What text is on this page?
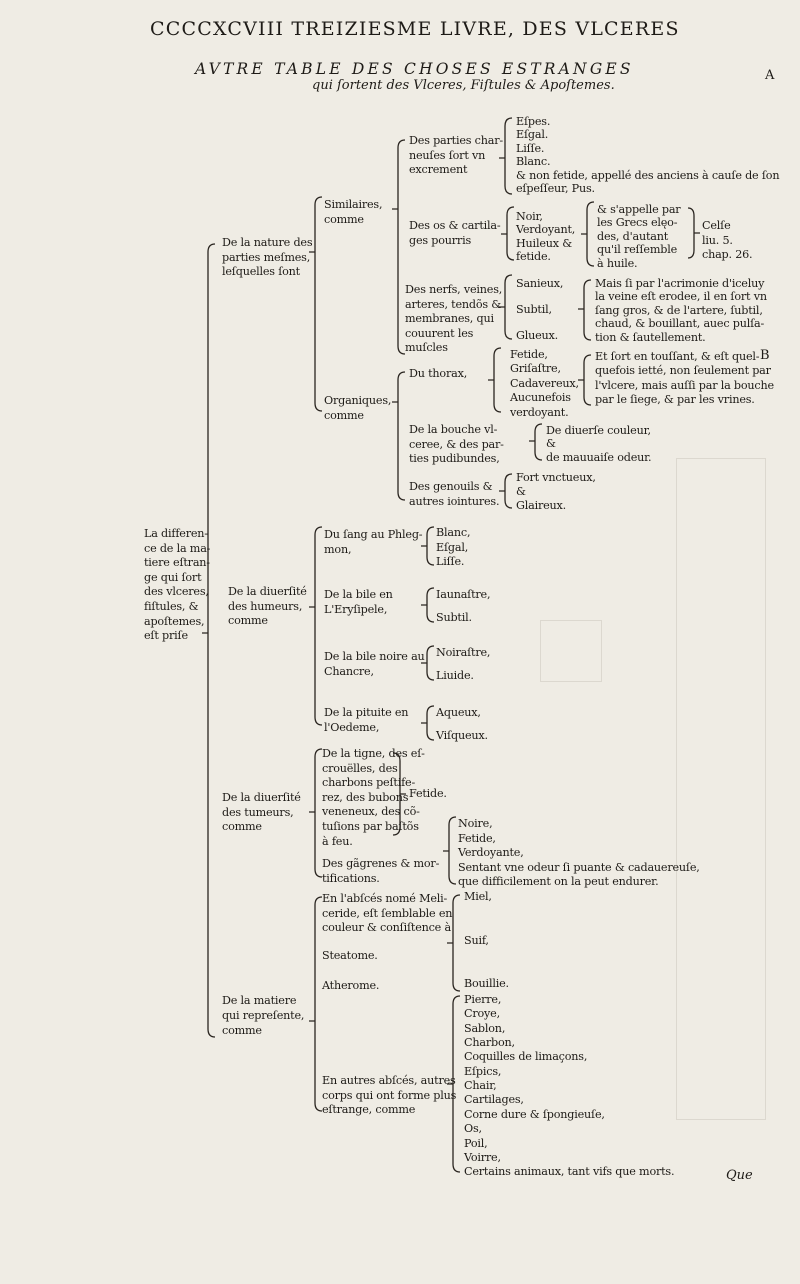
CCCCXCVIII TREIZIESME LIVRE, DES VLCERES
AVTRE TABLE DES CHOSES ESTRANGES
qui ſortent des Vlceres, Fiſtules & Apoſtemes.
A
B
Que
La differen-
ce de la ma-
tiere eſtran-
ge qui ſort
des vlceres,
fiſtules, &
apoſtemes,
eſt priſe
De la nature des
parties meſmes,
leſquelles ſont
Similaires,
comme
Des parties char-
neuſes ſort vn
excrement
Eſpes.
Eſgal.
Liſſe.
Blanc.
& non fetide, appellé des anciens à cauſe de ſon
eſpeſſeur, Pus.
Des os & cartila-
ges pourris
Noir,
Verdoyant,
Huileux &
fetide.
& s'appelle par
les Grecs elęo-
des, d'autant
qu'il reſſemble
à huile.
Celſe
liu. 5.
chap. 26.
Des nerfs, veines,
arteres, tendõs &
membranes, qui
couurent les
muſcles
Sanieux,
Subtil,
Glueux.
Mais ſi par l'acrimonie d'iceluy
la veine eſt erodee, il en ſort vn
ſang gros, & de l'artere, ſubtil,
chaud, & bouillant, auec pulſa-
tion & ſautellement.
Organiques,
comme
Du thorax,
Fetide,
Griſaſtre,
Cadavereux,
Aucunefois
verdoyant.
Et ſort en touſſant, & eſt quel-
quefois ietté, non ſeulement par
l'vlcere, mais auſſi par la bouche
par le ſiege, & par les vrines.
De la bouche vl-
ceree, & des par-
ties pudibundes,
De diuerſe couleur,
&
de mauuaiſe odeur.
Des genouils &
autres iointures.
Fort vnctueux,
&
Glaireux.
De la diuerſité
des humeurs,
comme
Du ſang au Phleg-
mon,
Blanc,
Eſgal,
Liſſe.
De la bile en
L'Eryſipele,
Iaunaſtre,
Subtil.
De la bile noire au
Chancre,
Noiraſtre,
Liuide.
De la pituite en
l'Oedeme,
Aqueux,
Viſqueux.
De la diuerſité
des tumeurs,
comme
De la tigne, des eſ-
crouëlles, des
charbons peſtife-
rez, des bubons
veneneux, des cõ-
tuſions par baſtõs
à feu.
Des gãgrenes & mor-
tifications.
Noire,
Fetide,
Verdoyante,
Sentant vne odeur ſi puante & cadauereuſe,
que difficilement on la peut endurer.
De la matiere
qui repreſente,
comme
En l'abſcés nomé Meli-
ceride, eſt ſemblable en
couleur & conſiſtence à
Miel,
Suif,
Bouillie.
En autres abſcés, autres
corps qui ont forme plus
eſtrange, comme
Pierre,
Croye,
Sablon,
Charbon,
Coquilles de limaçons,
Eſpics,
Chair,
Cartilages,
Corne dure & ſpongieuſe,
Os,
Poil,
Voirre,
Certains animaux, tant vifs que morts.
Fetide.
Steatome.
Atherome.
